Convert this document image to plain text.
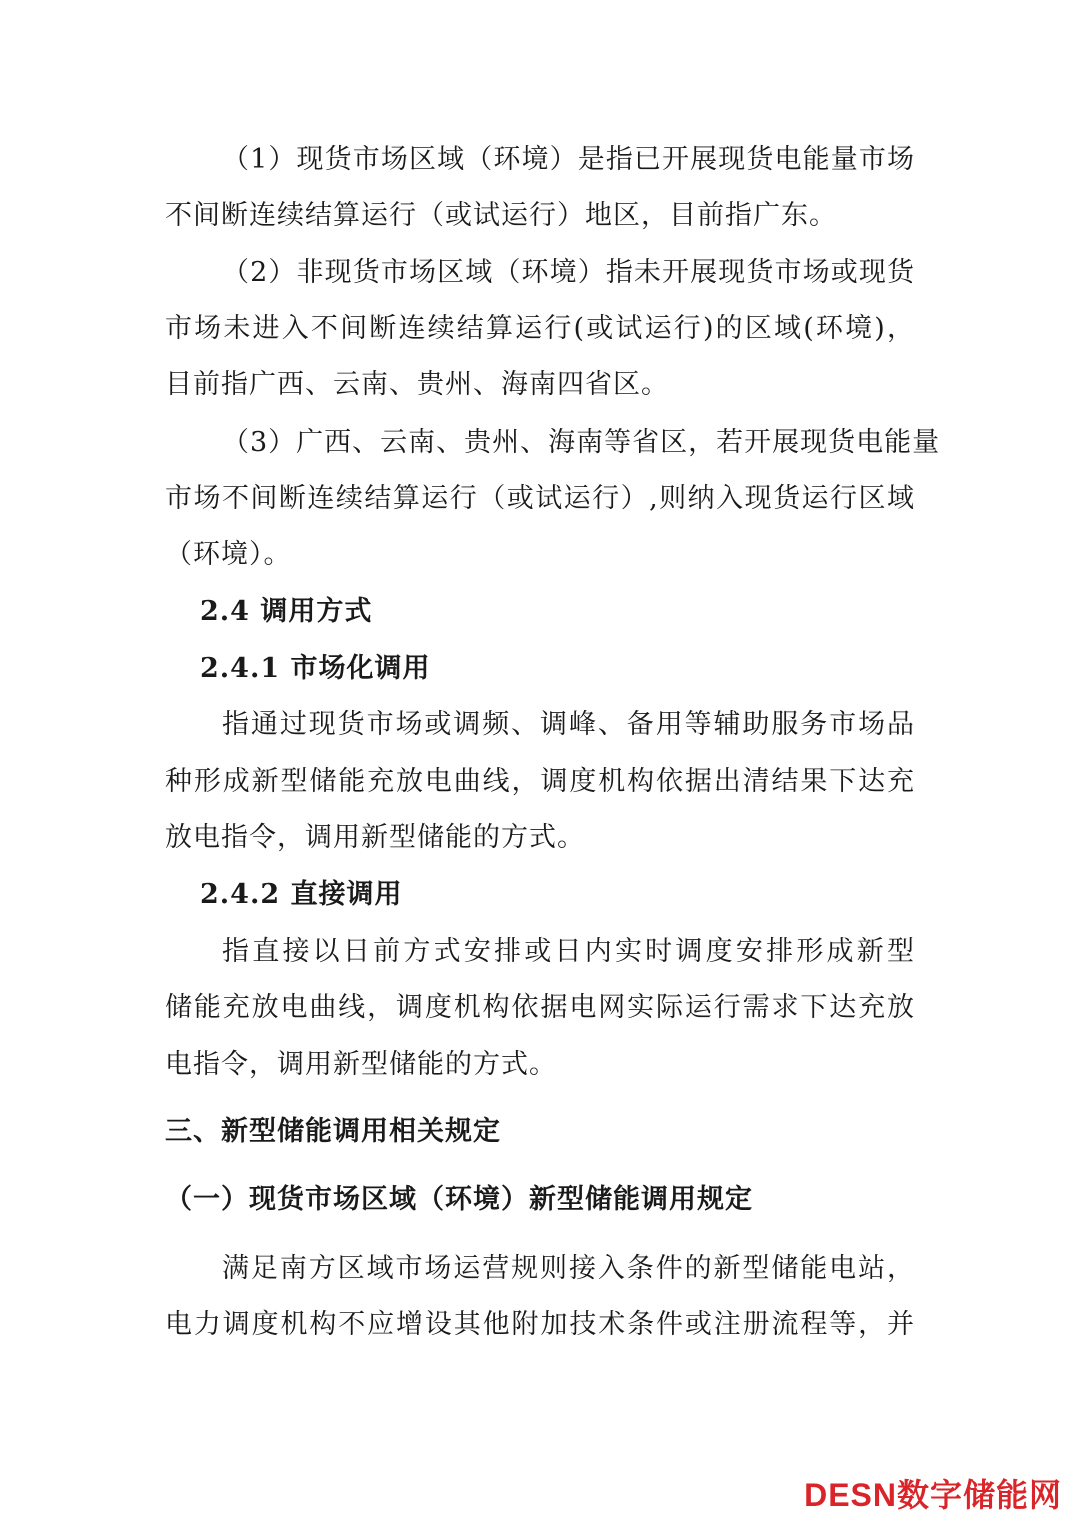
（1）现货市场区域（环境）是指已开展现货电能量市场
不间断连续结算运行（或试运行）地区，目前指广东。
（2）非现货市场区域（环境）指未开展现货市场或现货
市场未进入不间断连续结算运行(或试运行)的区域(环境)，
目前指广西、云南、贵州、海南四省区。
（3）广西、云南、贵州、海南等省区，若开展现货电能量
市场不间断连续结算运行（或试运行）,则纳入现货运行区域
（环境）。
2.4 调用方式
2.4.1 市场化调用
指通过现货市场或调频、调峰、备用等辅助服务市场品
种形成新型储能充放电曲线，调度机构依据出清结果下达充
放电指令，调用新型储能的方式。
2.4.2 直接调用
指直接以日前方式安排或日内实时调度安排形成新型
储能充放电曲线，调度机构依据电网实际运行需求下达充放
电指令，调用新型储能的方式。
三、新型储能调用相关规定
（一）现货市场区域（环境）新型储能调用规定
满足南方区域市场运营规则接入条件的新型储能电站，
电力调度机构不应增设其他附加技术条件或注册流程等，并
DESN数字储能网
